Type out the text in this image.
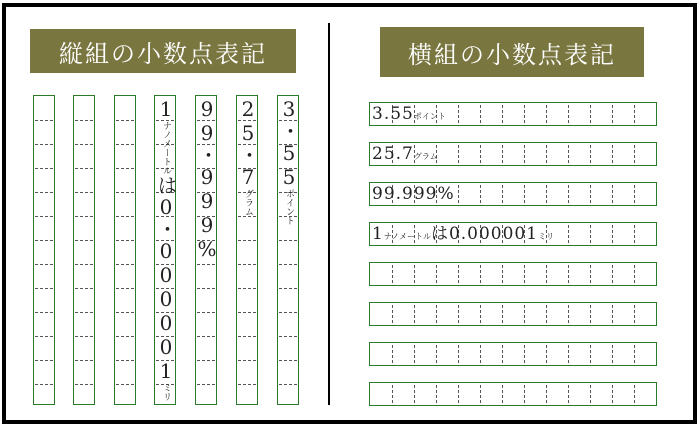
縦組の小数点表記	横組の小数点表記
1ナノメートルは0・000001ミリ
99・999% 25・7グラム
3・55ポイント
3.55ポイント
25.7グラム
99.999%
1ナノメートルは0.000001ミリ
